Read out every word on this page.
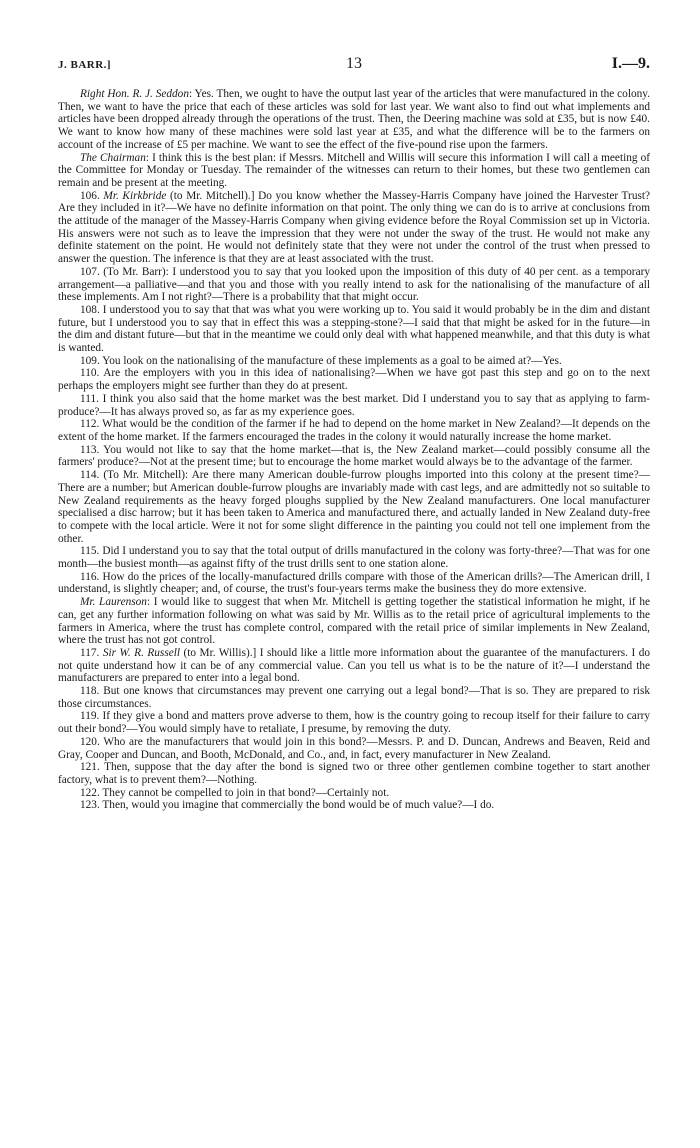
J. BARR.]	13	I.—9.

Right Hon. R. J. Seddon: Yes. Then, we ought to have the output last year of the articles that were manufactured in the colony. Then, we want to have the price that each of these articles was sold for last year. We want also to find out what implements and articles have been dropped already through the operations of the trust. Then, the Deering machine was sold at £35, but is now £40. We want to know how many of these machines were sold last year at £35, and what the difference will be to the farmers on account of the increase of £5 per machine. We want to see the effect of the five-pound rise upon the farmers.

The Chairman: I think this is the best plan: if Messrs. Mitchell and Willis will secure this information I will call a meeting of the Committee for Monday or Tuesday. The remainder of the witnesses can return to their homes, but these two gentlemen can remain and be present at the meeting.

106. Mr. Kirkbride (to Mr. Mitchell).] Do you know whether the Massey-Harris Company have joined the Harvester Trust? Are they included in it?—We have no definite information on that point. The only thing we can do is to arrive at conclusions from the attitude of the manager of the Massey-Harris Company when giving evidence before the Royal Commission set up in Victoria. His answers were not such as to leave the impression that they were not under the sway of the trust. He would not make any definite statement on the point. He would not definitely state that they were not under the control of the trust when pressed to answer the question. The inference is that they are at least associated with the trust.

107. (To Mr. Barr): I understood you to say that you looked upon the imposition of this duty of 40 per cent. as a temporary arrangement—a palliative—and that you and those with you really intend to ask for the nationalising of the manufacture of all these implements. Am I not right?—There is a probability that that might occur.

108. I understood you to say that that was what you were working up to. You said it would probably be in the dim and distant future, but I understood you to say that in effect this was a stepping-stone?—I said that that might be asked for in the future—in the dim and distant future—but that in the meantime we could only deal with what happened meanwhile, and that this duty is what is wanted.

109. You look on the nationalising of the manufacture of these implements as a goal to be aimed at?—Yes.

110. Are the employers with you in this idea of nationalising?—When we have got past this step and go on to the next perhaps the employers might see further than they do at present.

111. I think you also said that the home market was the best market. Did I understand you to say that as applying to farm-produce?—It has always proved so, as far as my experience goes.

112. What would be the condition of the farmer if he had to depend on the home market in New Zealand?—It depends on the extent of the home market. If the farmers encouraged the trades in the colony it would naturally increase the home market.

113. You would not like to say that the home market—that is, the New Zealand market—could possibly consume all the farmers' produce?—Not at the present time; but to encourage the home market would always be to the advantage of the farmer.

114. (To Mr. Mitchell): Are there many American double-furrow ploughs imported into this colony at the present time?—There are a number; but American double-furrow ploughs are invariably made with cast legs, and are admittedly not so suitable to New Zealand requirements as the heavy forged ploughs supplied by the New Zealand manufacturers. One local manufacturer specialised a disc harrow; but it has been taken to America and manufactured there, and actually landed in New Zealand duty-free to compete with the local article. Were it not for some slight difference in the painting you could not tell one implement from the other.

115. Did I understand you to say that the total output of drills manufactured in the colony was forty-three?—That was for one month—the busiest month—as against fifty of the trust drills sent to one station alone.

116. How do the prices of the locally-manufactured drills compare with those of the American drills?—The American drill, I understand, is slightly cheaper; and, of course, the trust's four-years terms make the business they do more extensive.

Mr. Laurenson: I would like to suggest that when Mr. Mitchell is getting together the statistical information he might, if he can, get any further information following on what was said by Mr. Willis as to the retail price of agricultural implements to the farmers in America, where the trust has complete control, compared with the retail price of similar implements in New Zealand, where the trust has not got control.

117. Sir W. R. Russell (to Mr. Willis).] I should like a little more information about the guarantee of the manufacturers. I do not quite understand how it can be of any commercial value. Can you tell us what is to be the nature of it?—I understand the manufacturers are prepared to enter into a legal bond.

118. But one knows that circumstances may prevent one carrying out a legal bond?—That is so. They are prepared to risk those circumstances.

119. If they give a bond and matters prove adverse to them, how is the country going to recoup itself for their failure to carry out their bond?—You would simply have to retaliate, I presume, by removing the duty.

120. Who are the manufacturers that would join in this bond?—Messrs. P. and D. Duncan, Andrews and Beaven, Reid and Gray, Cooper and Duncan, and Booth, McDonald, and Co., and, in fact, every manufacturer in New Zealand.

121. Then, suppose that the day after the bond is signed two or three other gentlemen combine together to start another factory, what is to prevent them?—Nothing.

122. They cannot be compelled to join in that bond?—Certainly not.

123. Then, would you imagine that commercially the bond would be of much value?—I do.
